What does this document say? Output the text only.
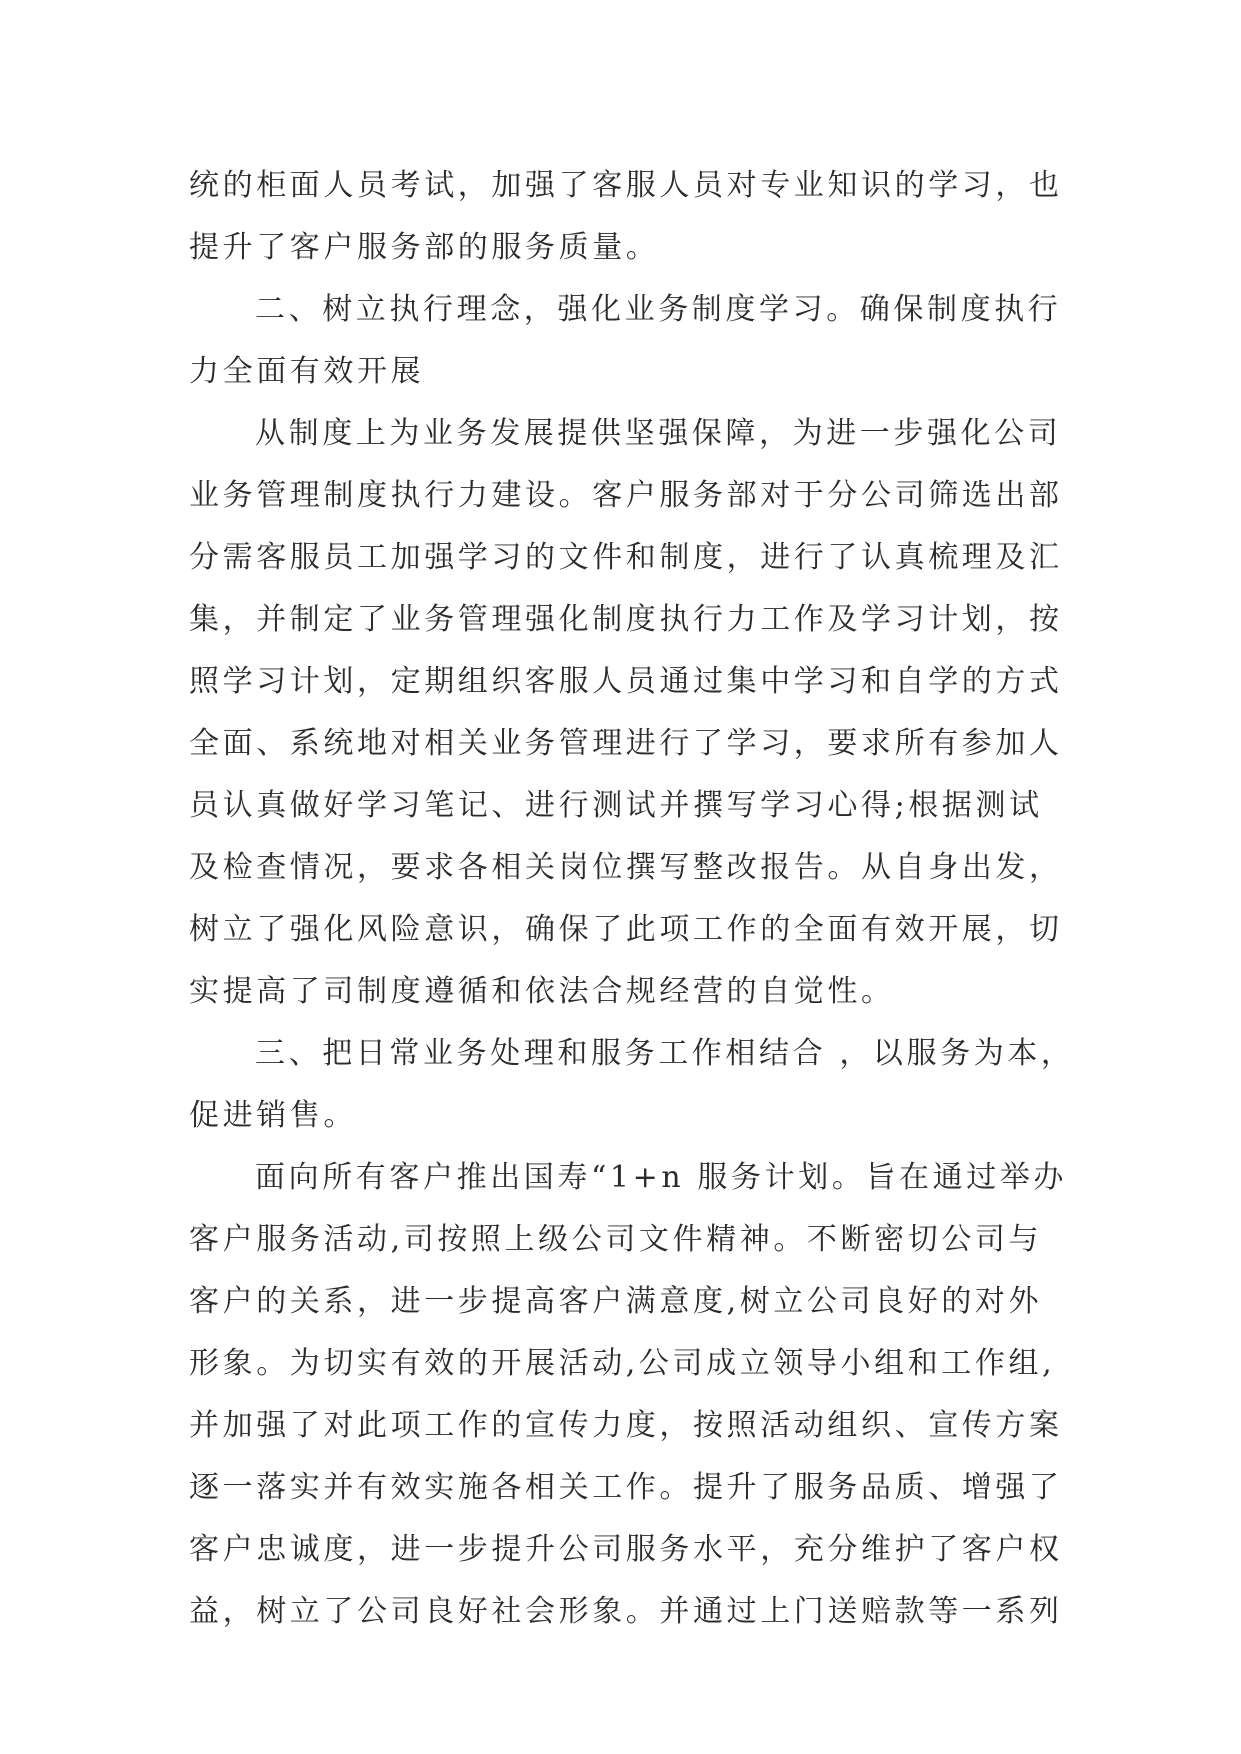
统的柜面人员考试，加强了客服人员对专业知识的学习，也
提升了客户服务部的服务质量。
二、树立执行理念，强化业务制度学习。确保制度执行
力全面有效开展
从制度上为业务发展提供坚强保障，为进一步强化公司
业务管理制度执行力建设。客户服务部对于分公司筛选出部
分需客服员工加强学习的文件和制度，进行了认真梳理及汇
集，并制定了业务管理强化制度执行力工作及学习计划，按
照学习计划，定期组织客服人员通过集中学习和自学的方式
全面、系统地对相关业务管理进行了学习，要求所有参加人
员认真做好学习笔记、进行测试并撰写学习心得;根据测试
及检查情况，要求各相关岗位撰写整改报告。从自身出发，
树立了强化风险意识，确保了此项工作的全面有效开展，切
实提高了司制度遵循和依法合规经营的自觉性。
三、把日常业务处理和服务工作相结合 ，以服务为本，
促进销售。
面向所有客户推出国寿“1+n 服务计划。旨在通过举办
客户服务活动,司按照上级公司文件精神。不断密切公司与
客户的关系，进一步提高客户满意度,树立公司良好的对外
形象。为切实有效的开展活动,公司成立领导小组和工作组,
并加强了对此项工作的宣传力度，按照活动组织、宣传方案
逐一落实并有效实施各相关工作。提升了服务品质、增强了
客户忠诚度，进一步提升公司服务水平，充分维护了客户权
益，树立了公司良好社会形象。并通过上门送赔款等一系列
